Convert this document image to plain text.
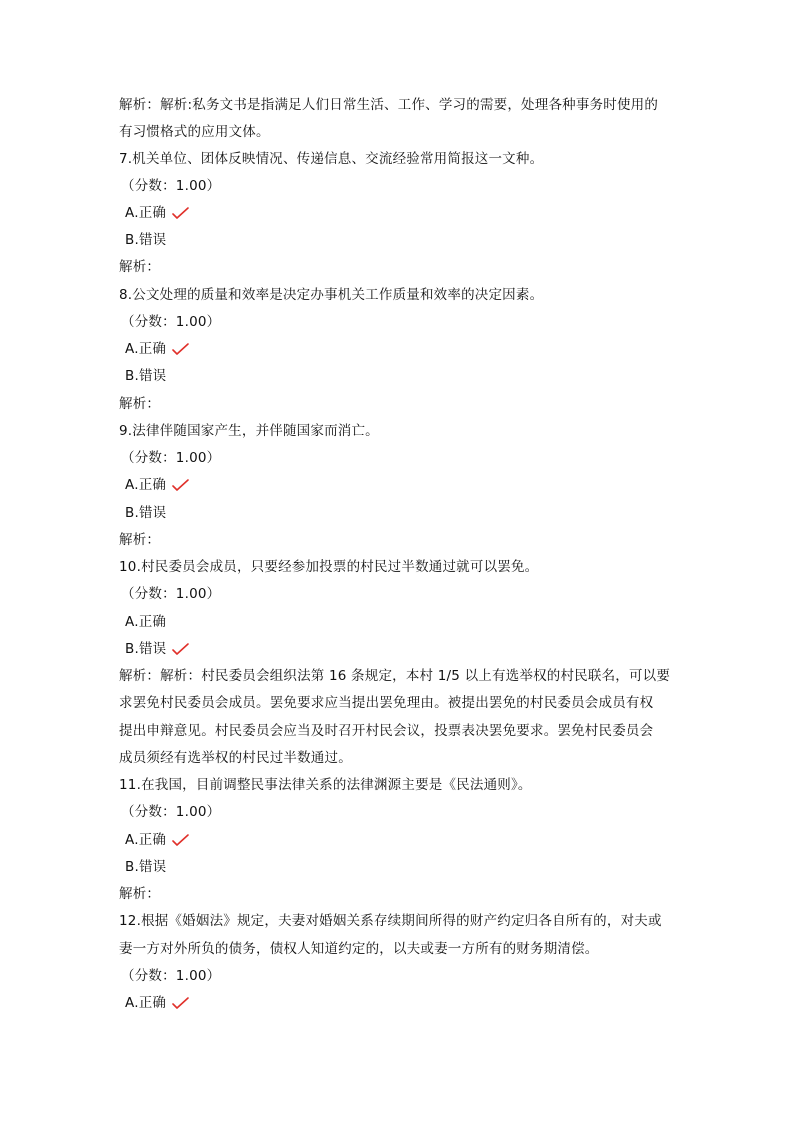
解析：解析:私务文书是指满足人们日常生活、工作、学习的需要，处理各种事务时使用的
有习惯格式的应用文体。
7.机关单位、团体反映情况、传递信息、交流经验常用简报这一文种。
（分数：1.00）
A.正确
B.错误
解析：
8.公文处理的质量和效率是决定办事机关工作质量和效率的决定因素。
（分数：1.00）
A.正确
B.错误
解析：
9.法律伴随国家产生，并伴随国家而消亡。
（分数：1.00）
A.正确
B.错误
解析：
10.村民委员会成员，只要经参加投票的村民过半数通过就可以罢免。
（分数：1.00）
A.正确
B.错误
解析：解析：村民委员会组织法第 16 条规定，本村 1/5 以上有选举权的村民联名，可以要
求罢免村民委员会成员。罢免要求应当提出罢免理由。被提出罢免的村民委员会成员有权
提出申辩意见。村民委员会应当及时召开村民会议，投票表决罢免要求。罢免村民委员会
成员须经有选举权的村民过半数通过。
11.在我国，目前调整民事法律关系的法律渊源主要是《民法通则》。
（分数：1.00）
A.正确
B.错误
解析：
12.根据《婚姻法》规定，夫妻对婚姻关系存续期间所得的财产约定归各自所有的，对夫或
妻一方对外所负的债务，债权人知道约定的，以夫或妻一方所有的财务期清偿。
（分数：1.00）
A.正确
